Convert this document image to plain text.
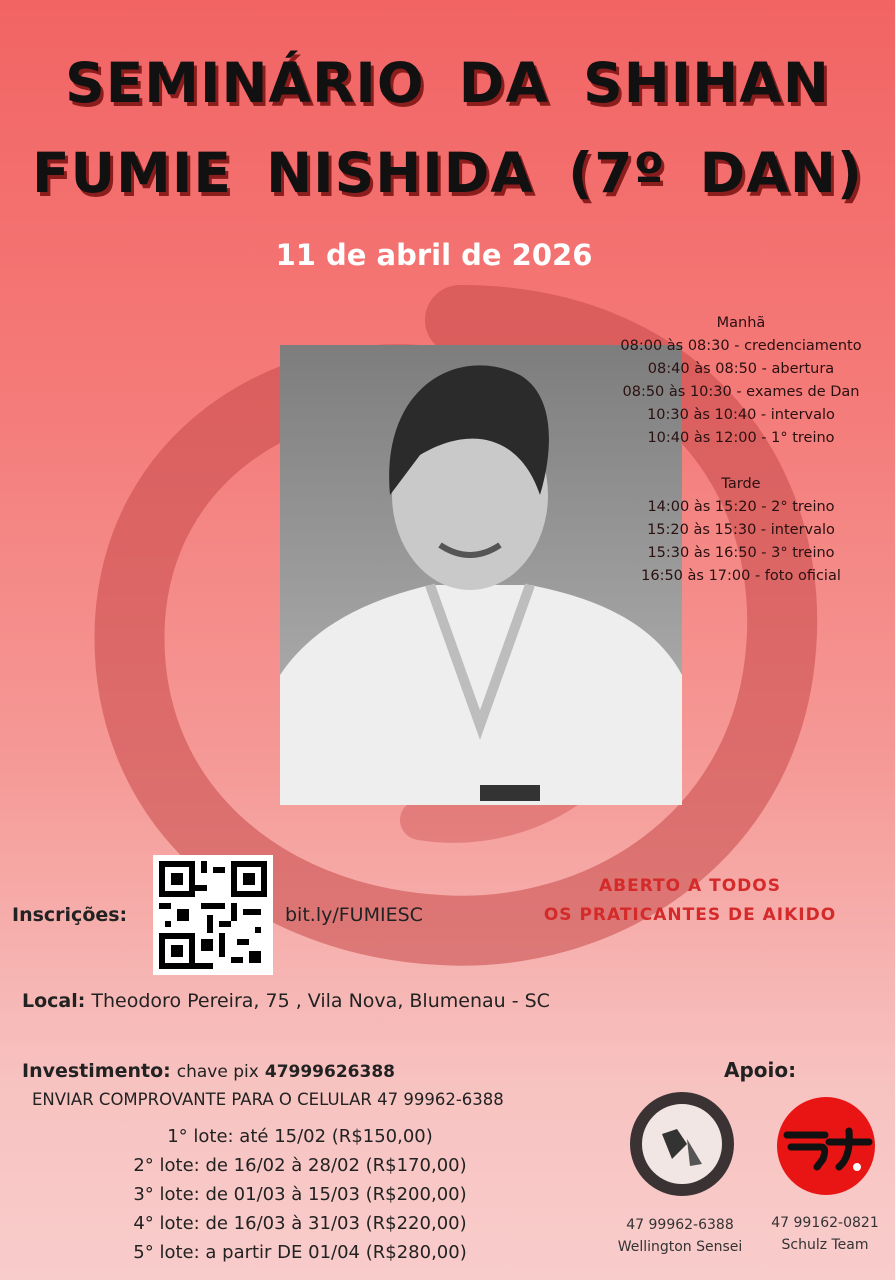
SEMINÁRIO DA SHIHAN
FUMIE NISHIDA (7º DAN)
11 de abril de 2026
Manhã
08:00 às 08:30 - credenciamento
08:40 às 08:50 - abertura
08:50 às 10:30 - exames de Dan
10:30 às 10:40 - intervalo
10:40 às 12:00 - 1° treino
Tarde
14:00 às 15:20 - 2° treino
15:20 às 15:30 - intervalo
15:30 às 16:50 - 3° treino
16:50 às 17:00 - foto oficial
Inscrições:	bit.ly/FUMIESC
ABERTO A TODOS
OS PRATICANTES DE AIKIDO
Local: Theodoro Pereira, 75 , Vila Nova, Blumenau - SC
Investimento: chave pix 47999626388
ENVIAR COMPROVANTE PARA O CELULAR 47 99962-6388
1° lote: até 15/02 (R$150,00)
2° lote: de 16/02 à 28/02 (R$170,00)
3° lote: de 01/03 à 15/03 (R$200,00)
4° lote: de 16/03 à 31/03 (R$220,00)
5° lote: a partir DE 01/04 (R$280,00)
Apoio:
47 99962-6388
Wellington Sensei
47 99162-0821
Schulz Team
